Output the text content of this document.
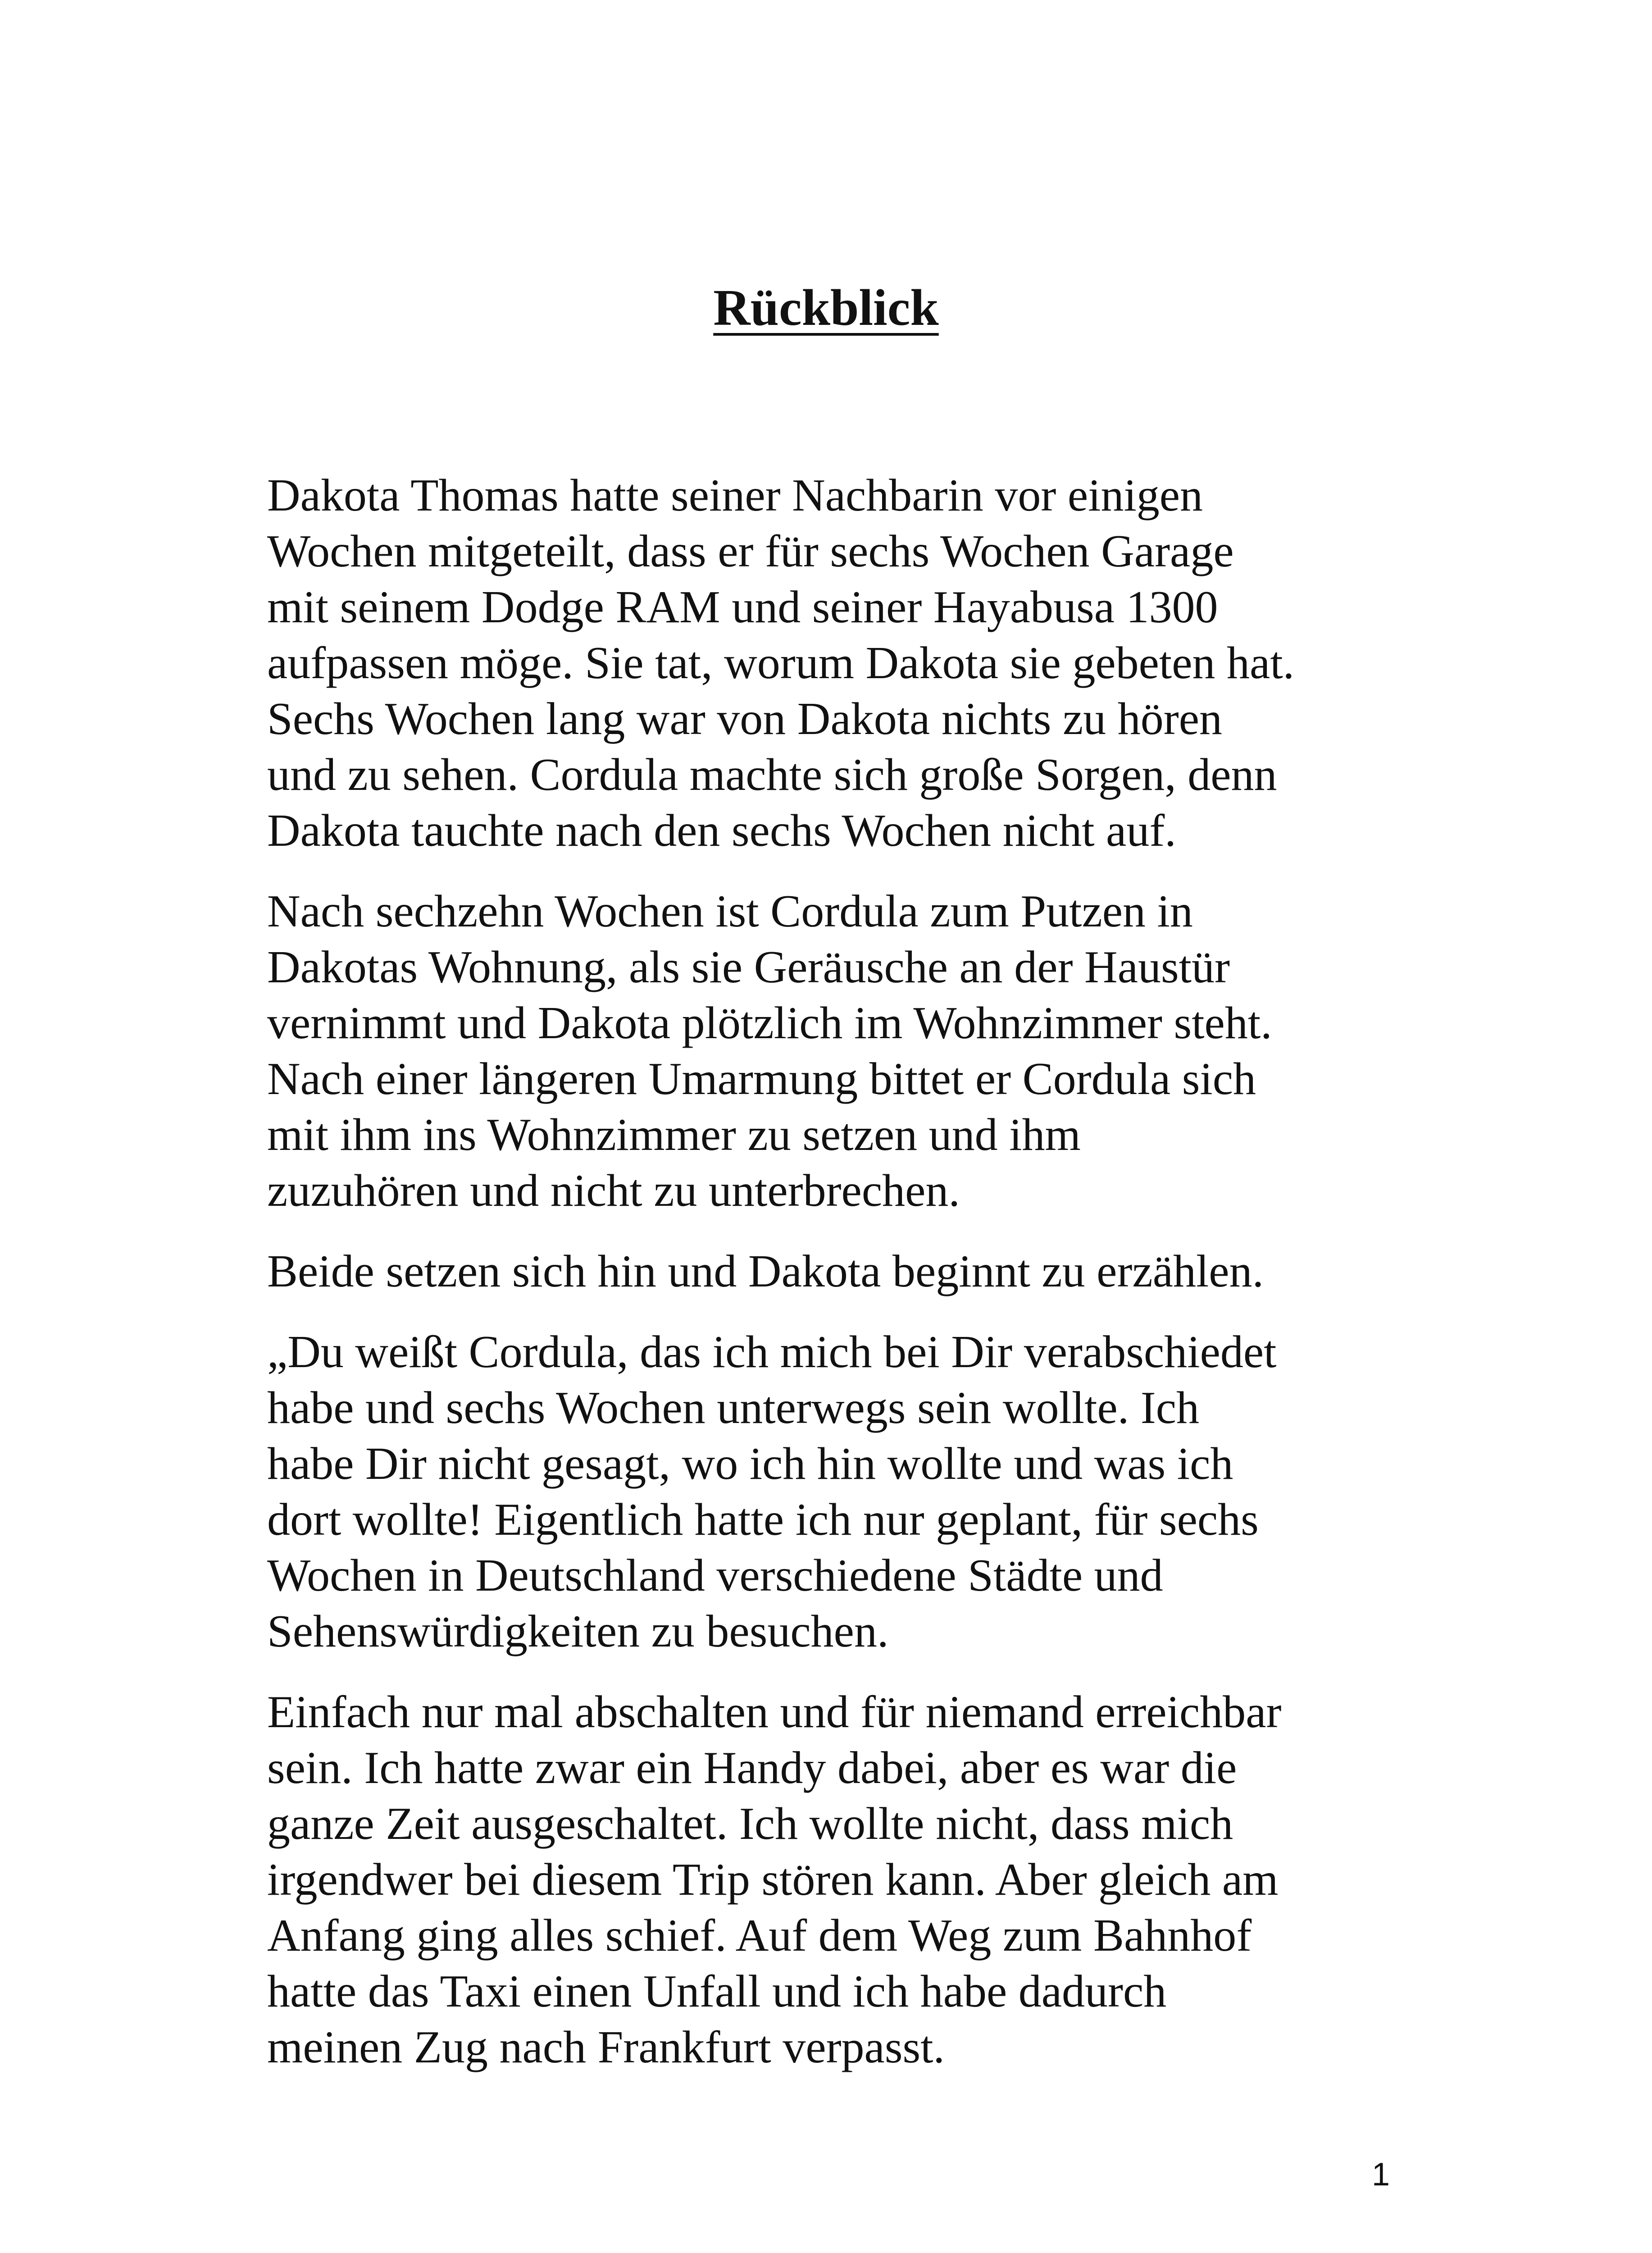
Rückblick

Dakota Thomas hatte seiner Nachbarin vor einigen
Wochen mitgeteilt, dass er für sechs Wochen Garage
mit seinem Dodge RAM und seiner Hayabusa 1300
aufpassen möge. Sie tat, worum Dakota sie gebeten hat.
Sechs Wochen lang war von Dakota nichts zu hören
und zu sehen. Cordula machte sich große Sorgen, denn
Dakota tauchte nach den sechs Wochen nicht auf.

Nach sechzehn Wochen ist Cordula zum Putzen in
Dakotas Wohnung, als sie Geräusche an der Haustür
vernimmt und Dakota plötzlich im Wohnzimmer steht.
Nach einer längeren Umarmung bittet er Cordula sich
mit ihm ins Wohnzimmer zu setzen und ihm
zuzuhören und nicht zu unterbrechen.

Beide setzen sich hin und Dakota beginnt zu erzählen.

„Du weißt Cordula, das ich mich bei Dir verabschiedet
habe und sechs Wochen unterwegs sein wollte. Ich
habe Dir nicht gesagt, wo ich hin wollte und was ich
dort wollte! Eigentlich hatte ich nur geplant, für sechs
Wochen in Deutschland verschiedene Städte und
Sehenswürdigkeiten zu besuchen.

Einfach nur mal abschalten und für niemand erreichbar
sein. Ich hatte zwar ein Handy dabei, aber es war die
ganze Zeit ausgeschaltet. Ich wollte nicht, dass mich
irgendwer bei diesem Trip stören kann. Aber gleich am
Anfang ging alles schief. Auf dem Weg zum Bahnhof
hatte das Taxi einen Unfall und ich habe dadurch
meinen Zug nach Frankfurt verpasst.

1
